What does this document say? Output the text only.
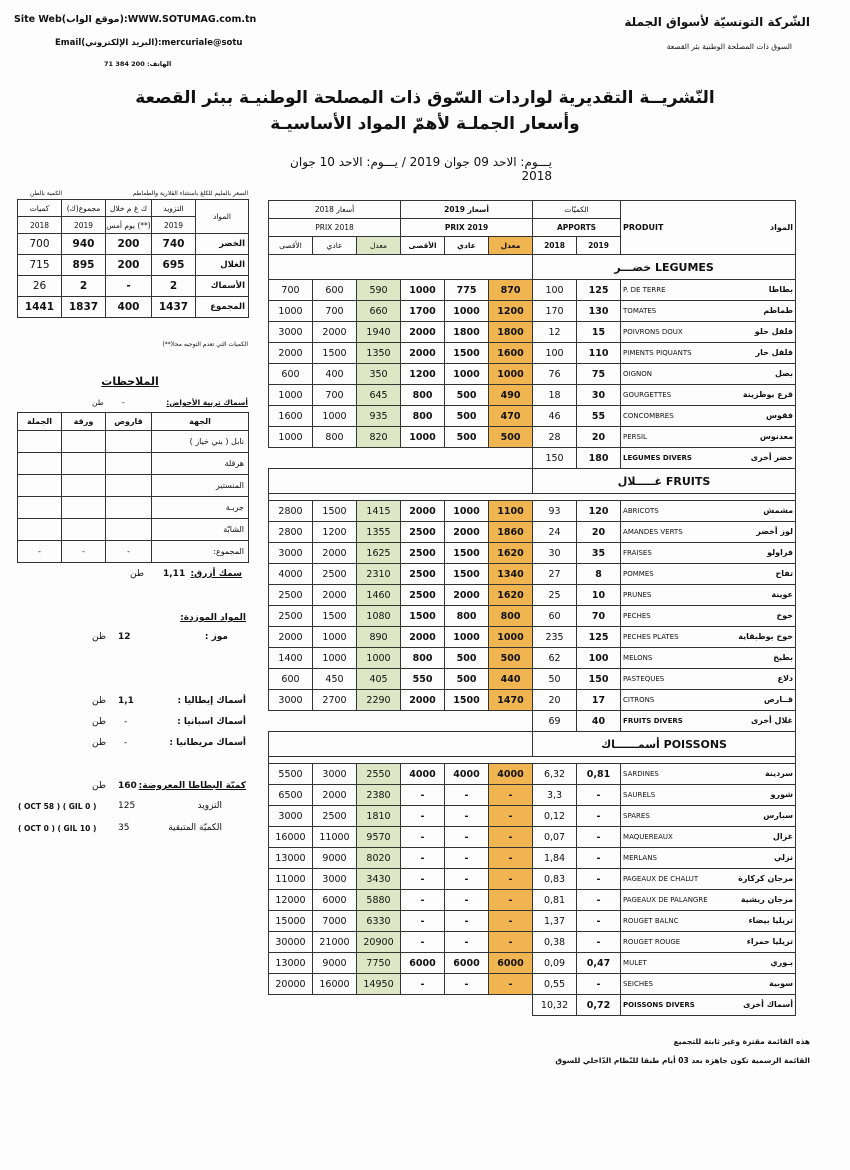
Site Web(موقع الواب):WWW.SOTUMAG.com.tn
Email(البريد الإلكتروني):mercuriale@sotu
الهاتف: 200 384 71
الشّركة التونسيّة لأسواق الجملة
السوق ذات المصلحة الوطنية بئر القصعة
النّشريــة التقديرية لواردات السّوق ذات المصلحة الوطنيـة ببئر القصعة
وأسعار الجملـة لأهمّ المواد الأساسيـة
يـــوم: الاحد 09 جوان 2019 / يـــوم: الاحد 10 جوان 2018
الكمية بالطن	السعر بالمليم للكلغ باستثناء القلارية والطماطم
كميات	مجموع(ك)	ك غ م خلال	التزويد	المواد
2018	2019	يوم أمس (**)	2019	
700	940	200	740	الخضر
715	895	200	695	الغلال
26	2	-	2	الأسماك
1441	1837	400	1437	المجموع
الكميات التي تعدم التوجيه محا(**)
الملاحظات
أسماك تربية الأحواض:
-
طن
الجملة	ورقة	قاروص	الجهة
			نابل ( بني خيار )
			هرقلة
			المنستير
			جربـة
			الشابّة
-	-	-	المجموع:
سمك أزرق:
1,11
طن
المواد الموزدة:
موز :
12
طن
أسماك إيطاليا :
1,1
طن
أسماك اسبانيا :
-
طن
أسماك مريطانيا :
-
طن
كميّة البطاطا المعروضة:
160
طن
التزويد
125
( OCT 58 ) ( GIL 0 )
الكميّة المتبقية
35
( OCT 0 ) ( GIL 10 )
أسعار 2018			أسعار 2019			الكميّات		PRODUIT المواد

PRIX 2018			PRIX 2019			APPORTS		
الأقصى	عادي	معدل	الأقصى	عادي	معدل	2018	2019	
						LEGUMES خضـــر		
700	600	590	1000	775	870	100	125	P. DE TERRE بطاطا

1000	700	660	1700	1000	1200	170	130	TOMATES طماطم

3000	2000	1940	2000	1800	1800	12	15	POIVRONS DOUX فلفل حلو

2000	1500	1350	2000	1500	1600	100	110	PIMENTS PIQUANTS فلفل حار

600	400	350	1200	1000	1000	76	75	OIGNON بصل

1000	700	645	800	500	490	18	30	GOURGETTES قرع يوطزينة

1600	1000	935	800	500	470	46	55	CONCOMBRES فقوس

1000	800	820	1000	500	500	28	20	PERSIL معدنوس

						150	180	LEGUMES DIVERS خضر أخرى

						FRUITS غـــــلال		

2800	1500	1415	2000	1000	1100	93	120	ABRICOTS مشمش

2800	1200	1355	2500	2000	1860	24	20	AMANDES VERTS لوز أخضر

3000	2000	1625	2500	1500	1620	30	35	FRAISES فراولو

4000	2500	2310	2500	1500	1340	27	8	POMMES تفاح

2500	2000	1460	2500	2000	1620	25	10	PRUNES عوينة

2500	1500	1080	1500	800	800	60	70	PECHES خوخ

2000	1000	890	2000	1000	1000	235	125	PECHES PLATES خوخ بوطبقاية

1400	1000	1000	800	500	500	62	100	MELONS بطيخ

600	450	405	550	500	440	50	150	PASTEQUES دلاع

3000	2700	2290	2000	1500	1470	20	17	CITRONS قــارص

						69	40	FRUITS DIVERS غلال أخرى

						POISSONS أسمــــــاك		

5500	3000	2550	4000	4000	4000	6,32	0,81	SARDINES سردينة

6500	2000	2380	-	-	-	3,3	-	SAURELS شورو

3000	2500	1810	-	-	-	0,12	-	SPARES سبارس

16000	11000	9570	-	-	-	0,07	-	MAQUEREAUX غزال

13000	9000	8020	-	-	-	1,84	-	MERLANS نزلي

11000	3000	3430	-	-	-	0,83	-	PAGEAUX DE CHALUT مرجان كركارة

12000	6000	5880	-	-	-	0,81	-	PAGEAUX DE PALANGRE مرجان ريشية

15000	7000	6330	-	-	-	1,37	-	ROUGET BALNC تريليا بيضاء

30000	21000	20900	-	-	-	0,38	-	ROUGET ROUGE تريليا حمراء

13000	9000	7750	6000	6000	6000	0,09	0,47	MULET بـوري

20000	16000	14950	-	-	-	0,55	-	SEICHES سوبية

						10,32	0,72	POISSONS DIVERS أسماك أخرى
هذه القائمة مقترة وغير ثابتة للتجميع
القائمة الرسمية تكون جاهزة بعد 03 أيام طبقا للنّظام الدّاخلي للسوق
